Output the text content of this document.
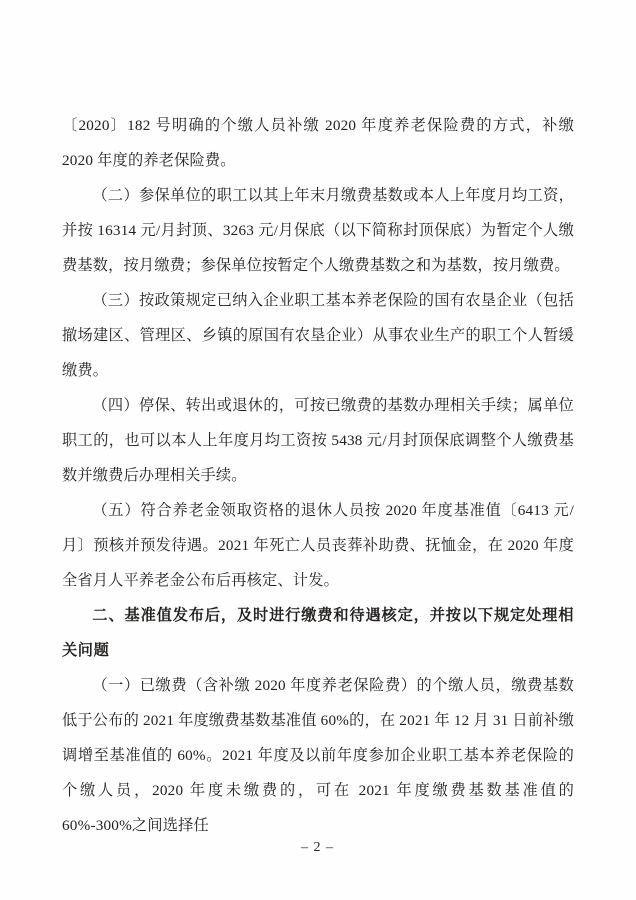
〔2020〕182 号明确的个缴人员补缴 2020 年度养老保险费的方式，补缴 2020 年度的养老保险费。

（二）参保单位的职工以其上年末月缴费基数或本人上年度月均工资，并按 16314 元/月封顶、3263 元/月保底（以下简称封顶保底）为暂定个人缴费基数，按月缴费；参保单位按暂定个人缴费基数之和为基数，按月缴费。

（三）按政策规定已纳入企业职工基本养老保险的国有农垦企业（包括撤场建区、管理区、乡镇的原国有农垦企业）从事农业生产的职工个人暂缓缴费。

（四）停保、转出或退休的，可按已缴费的基数办理相关手续；属单位职工的，也可以本人上年度月均工资按 5438 元/月封顶保底调整个人缴费基数并缴费后办理相关手续。

（五）符合养老金领取资格的退休人员按 2020 年度基准值〔6413 元/月〕预核并预发待遇。2021 年死亡人员丧葬补助费、抚恤金，在 2020 年度全省月人平养老金公布后再核定、计发。

二、基准值发布后，及时进行缴费和待遇核定，并按以下规定处理相关问题

（一）已缴费（含补缴 2020 年度养老保险费）的个缴人员，缴费基数低于公布的 2021 年度缴费基数基准值 60%的，在 2021 年 12 月 31 日前补缴调增至基准值的 60%。2021 年度及以前年度参加企业职工基本养老保险的个缴人员，2020 年度未缴费的，可在 2021 年度缴费基数基准值的 60%-300%之间选择任

– 2 –
